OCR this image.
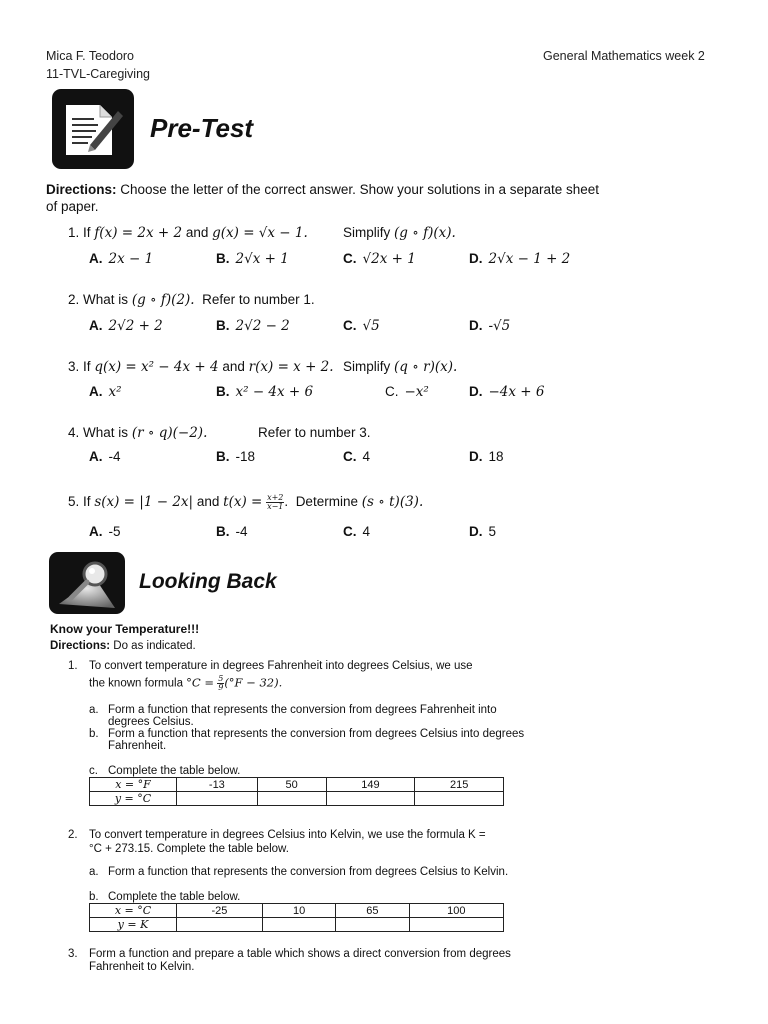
Mica F. Teodoro
11-TVL-Caregiving
General Mathematics week 2
Pre-Test
Directions: Choose the letter of the correct answer. Show your solutions in a separate sheet of paper.
1. If f(x) = 2x + 2 and g(x) = √x − 1.	Simplify (g ∘ f)(x).
A. 2x − 1	B. 2√x + 1	C. √2x + 1	D. 2√x − 1 + 2
2. What is (g ∘ f)(2). Refer to number 1.
A. 2√2 + 2	B. 2√2 − 2	C. √5	D. -√5
3. If q(x) = x² − 4x + 4 and r(x) = x + 2. Simplify (q ∘ r)(x).
A. x²	B. x² − 4x + 6	C. −x²	D. −4x + 6
4. What is (r ∘ q)(−2).	Refer to number 3.
A. -4	B. -18	C. 4	D. 18
5. If s(x) = |1 − 2x| and $t(x) = \frac{x+2}{x-1}$ . Determine (s ∘ t)(3).
A. -5	B. -4	C. 4	D. 5
Looking Back
Know your Temperature!!!
Directions: Do as indicated.
1. To convert temperature in degrees Fahrenheit into degrees Celsius, we use
the known formula $^\circ C = \frac{5}{9} (^\circ F - 32)$.
a. Form a function that represents the conversion from degrees Fahrenheit into degrees Celsius.
b. Form a function that represents the conversion from degrees Celsius into degrees Fahrenheit.
c. Complete the table below.
x = °F	-13	50	149	215
y = °C				
2. To convert temperature in degrees Celsius into Kelvin, we use the formula K =
°C + 273.15. Complete the table below.
a. Form a function that represents the conversion from degrees Celsius to Kelvin.
b. Complete the table below.
x = °C	-25	10	65	100
y = K				
3. Form a function and prepare a table which shows a direct conversion from degrees Fahrenheit to Kelvin.
